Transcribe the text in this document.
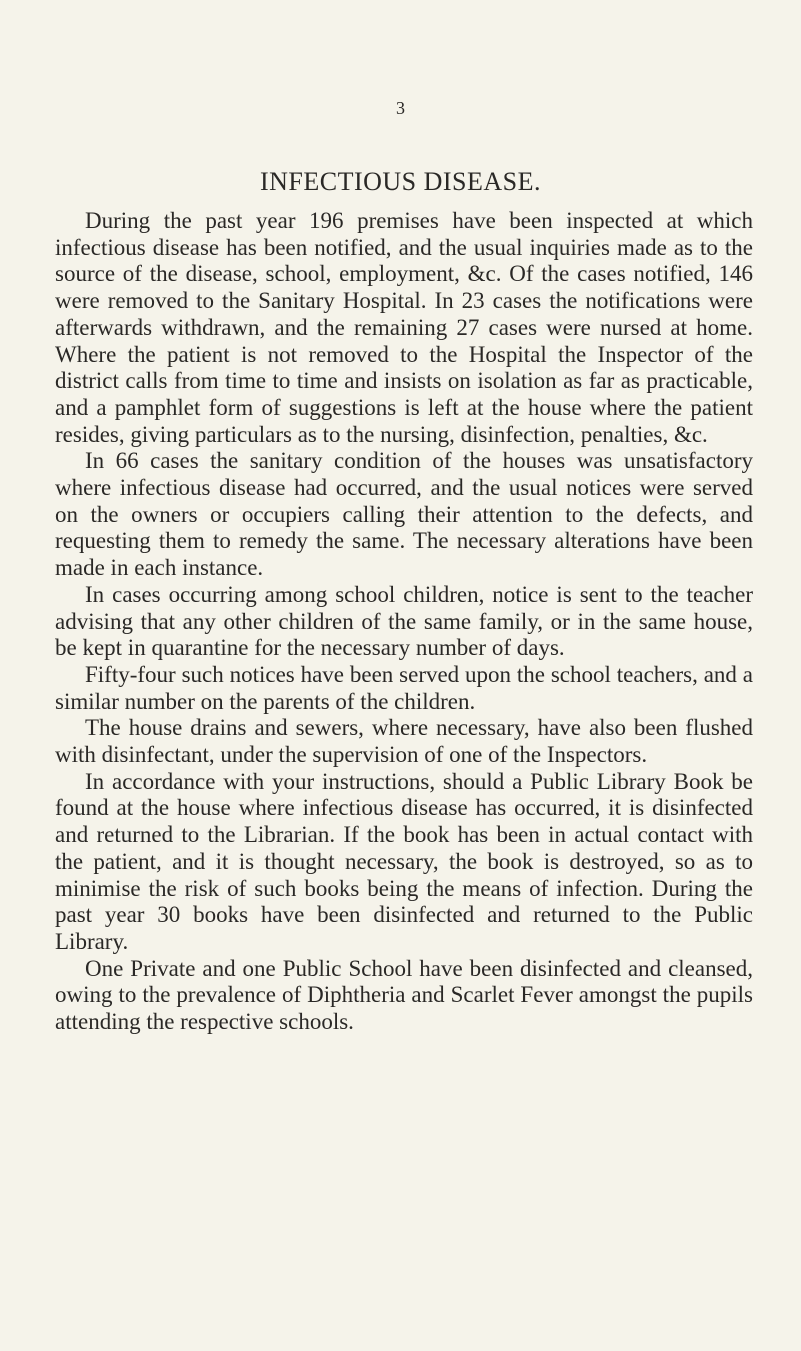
3
INFECTIOUS DISEASE.

During the past year 196 premises have been inspected at which infectious disease has been notified, and the usual inquiries made as to the source of the disease, school, employment, &c. Of the cases notified, 146 were removed to the Sanitary Hospital. In 23 cases the notifications were afterwards withdrawn, and the remaining 27 cases were nursed at home. Where the patient is not removed to the Hospital the Inspector of the district calls from time to time and insists on isolation as far as practicable, and a pamphlet form of suggestions is left at the house where the patient resides, giving particulars as to the nursing, disinfection, penalties, &c.

In 66 cases the sanitary condition of the houses was unsatisfactory where infectious disease had occurred, and the usual notices were served on the owners or occupiers calling their attention to the defects, and requesting them to remedy the same. The necessary alterations have been made in each instance.

In cases occurring among school children, notice is sent to the teacher advising that any other children of the same family, or in the same house, be kept in quarantine for the necessary number of days.

Fifty-four such notices have been served upon the school teachers, and a similar number on the parents of the children.

The house drains and sewers, where necessary, have also been flushed with disinfectant, under the supervision of one of the Inspectors.

In accordance with your instructions, should a Public Library Book be found at the house where infectious disease has occurred, it is disinfected and returned to the Librarian. If the book has been in actual contact with the patient, and it is thought necessary, the book is destroyed, so as to minimise the risk of such books being the means of infection. During the past year 30 books have been disinfected and returned to the Public Library.

One Private and one Public School have been disinfected and cleansed, owing to the prevalence of Diphtheria and Scarlet Fever amongst the pupils attending the respective schools.
